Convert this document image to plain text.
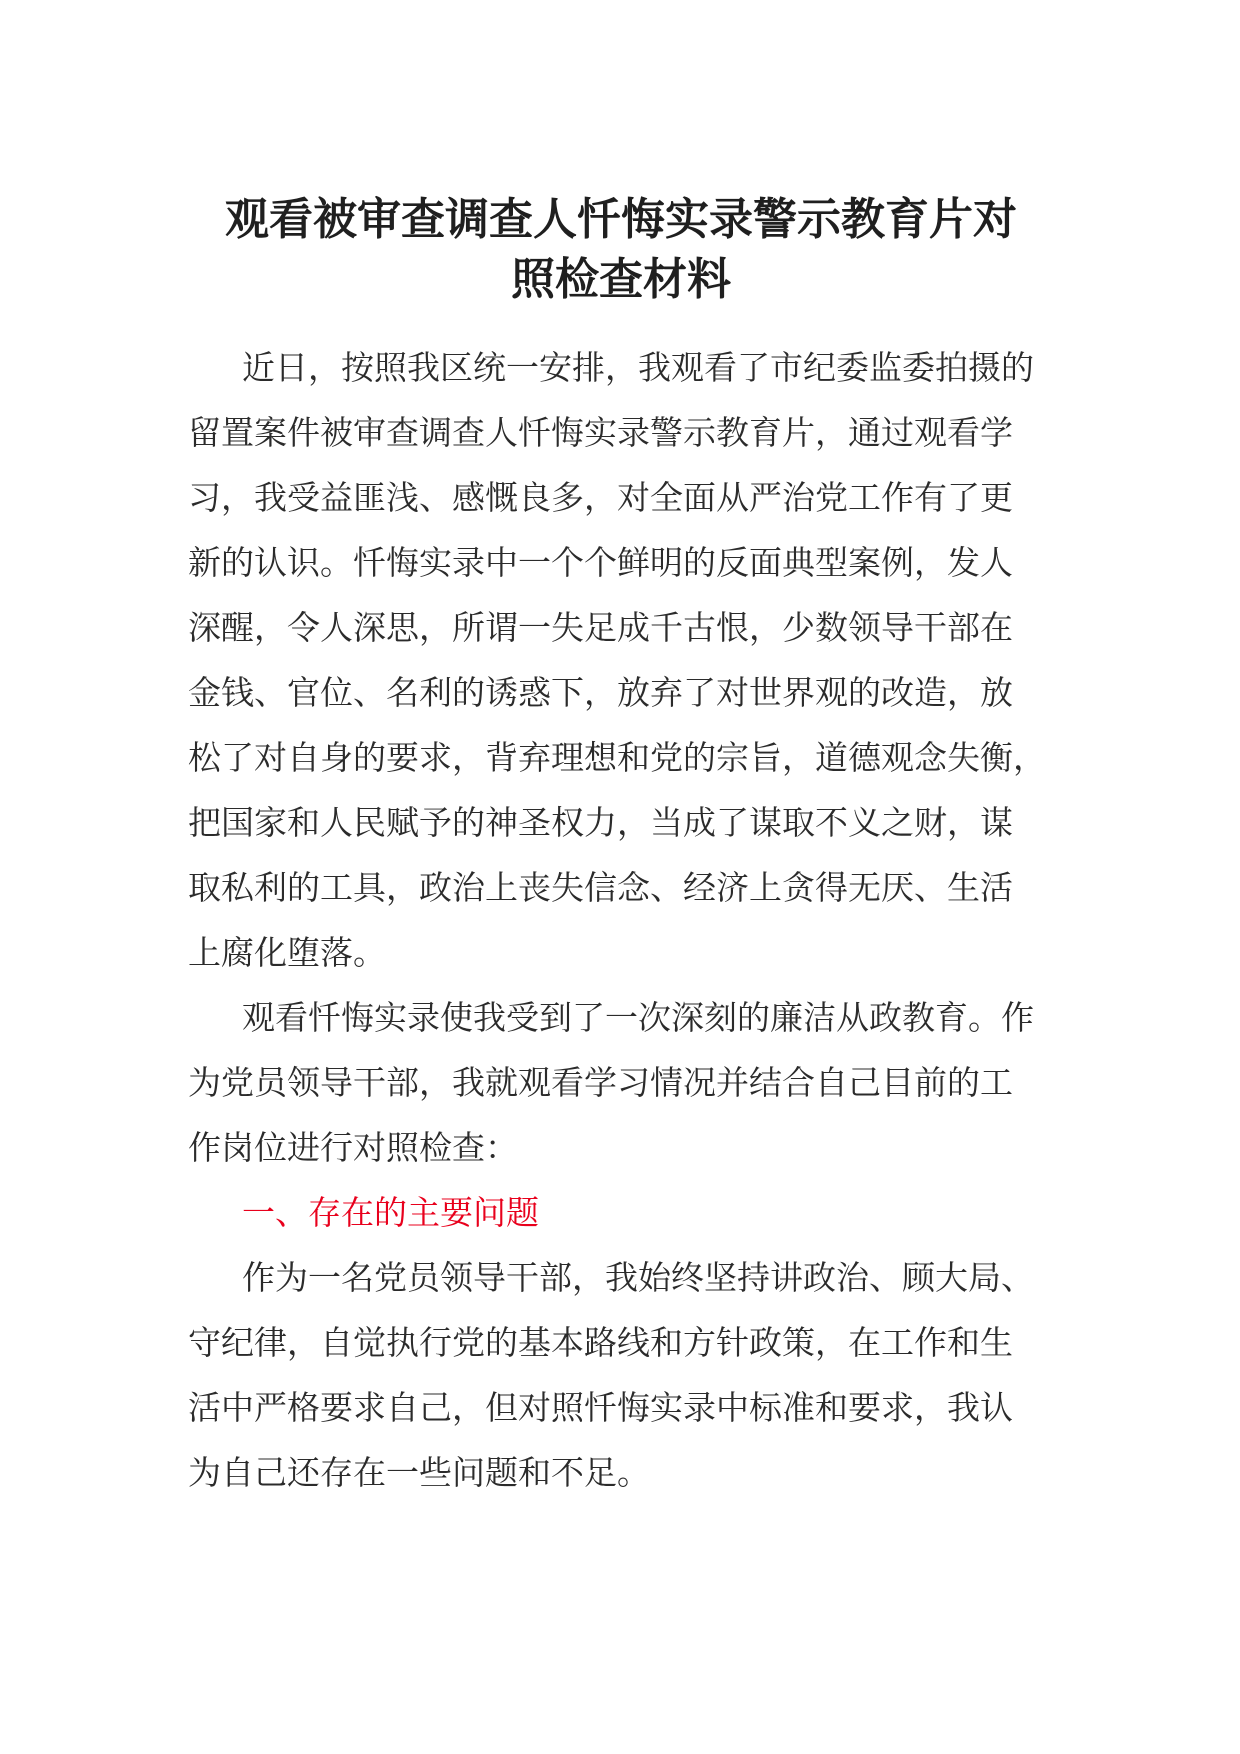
观看被审查调查人忏悔实录警示教育片对
照检查材料

近日，按照我区统一安排，我观看了市纪委监委拍摄的
留置案件被审查调查人忏悔实录警示教育片，通过观看学
习，我受益匪浅、感慨良多，对全面从严治党工作有了更
新的认识。忏悔实录中一个个鲜明的反面典型案例，发人
深醒，令人深思，所谓一失足成千古恨，少数领导干部在
金钱、官位、名利的诱惑下，放弃了对世界观的改造，放
松了对自身的要求，背弃理想和党的宗旨，道德观念失衡，
把国家和人民赋予的神圣权力，当成了谋取不义之财，谋
取私利的工具，政治上丧失信念、经济上贪得无厌、生活
上腐化堕落。

观看忏悔实录使我受到了一次深刻的廉洁从政教育。作
为党员领导干部，我就观看学习情况并结合自己目前的工
作岗位进行对照检查：

一、存在的主要问题

作为一名党员领导干部，我始终坚持讲政治、顾大局、
守纪律，自觉执行党的基本路线和方针政策，在工作和生
活中严格要求自己，但对照忏悔实录中标准和要求，我认
为自己还存在一些问题和不足。
